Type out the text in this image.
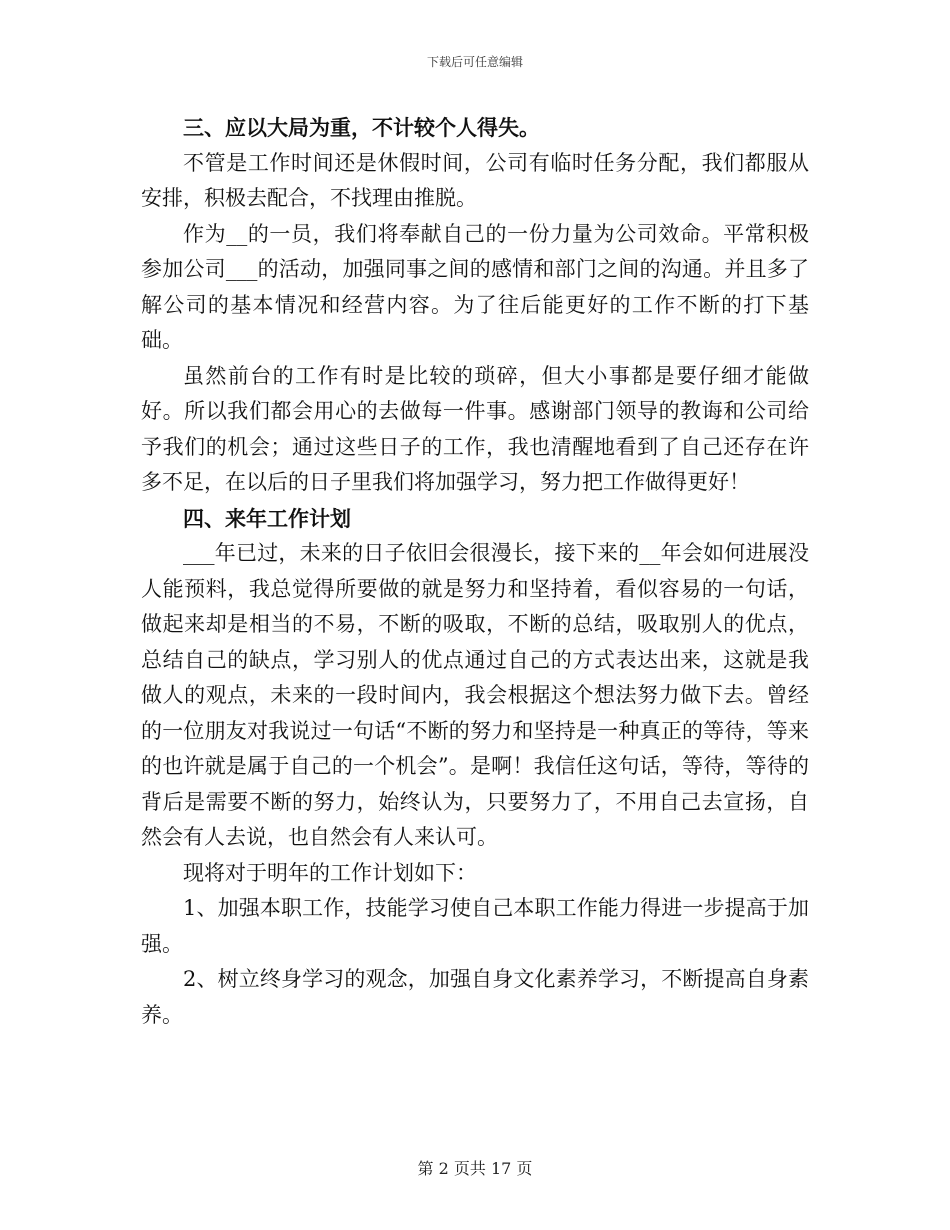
下载后可任意编辑
三、应以大局为重，不计较个人得失。

不管是工作时间还是休假时间，公司有临时任务分配，我们都服从安排，积极去配合，不找理由推脱。

作为__的一员，我们将奉献自己的一份力量为公司效命。平常积极参加公司___的活动，加强同事之间的感情和部门之间的沟通。并且多了解公司的基本情况和经营内容。为了往后能更好的工作不断的打下基础。

虽然前台的工作有时是比较的琐碎，但大小事都是要仔细才能做好。所以我们都会用心的去做每一件事。感谢部门领导的教诲和公司给予我们的机会；通过这些日子的工作，我也清醒地看到了自己还存在许多不足，在以后的日子里我们将加强学习，努力把工作做得更好！

四、来年工作计划

___年已过，未来的日子依旧会很漫长，接下来的__年会如何进展没人能预料，我总觉得所要做的就是努力和坚持着，看似容易的一句话，做起来却是相当的不易，不断的吸取，不断的总结，吸取别人的优点，总结自己的缺点，学习别人的优点通过自己的方式表达出来，这就是我做人的观点，未来的一段时间内，我会根据这个想法努力做下去。曾经的一位朋友对我说过一句话“不断的努力和坚持是一种真正的等待，等来的也许就是属于自己的一个机会”。是啊！我信任这句话，等待，等待的背后是需要不断的努力，始终认为，只要努力了，不用自己去宣扬，自然会有人去说，也自然会有人来认可。

现将对于明年的工作计划如下：

1、加强本职工作，技能学习使自己本职工作能力得进一步提高于加强。

2、树立终身学习的观念，加强自身文化素养学习，不断提高自身素养。

第 2 页共 17 页
